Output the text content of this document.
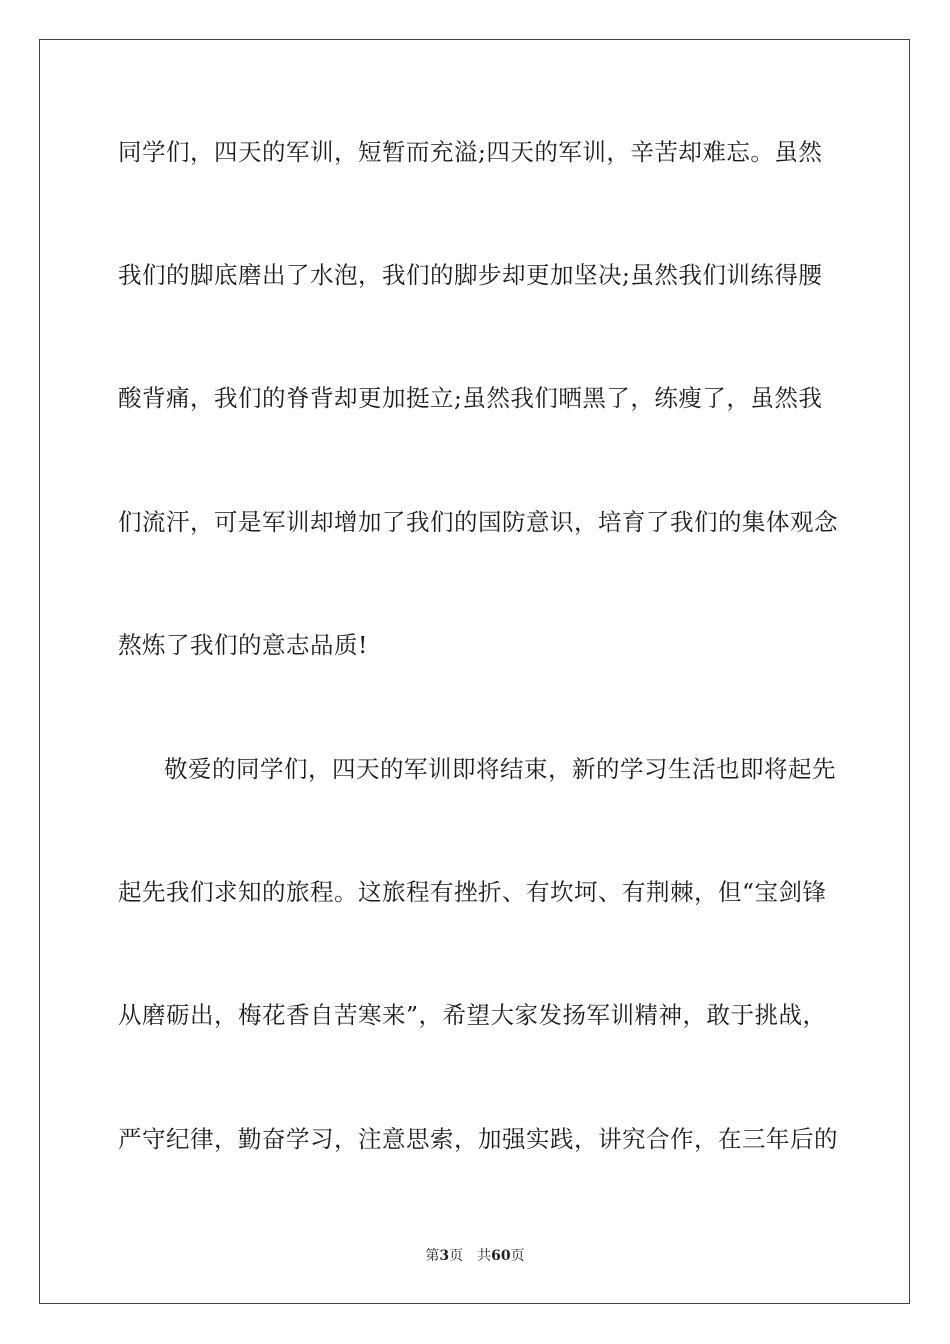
同学们，四天的军训，短暂而充溢;四天的军训，辛苦却难忘。虽然
我们的脚底磨出了水泡，我们的脚步却更加坚决;虽然我们训练得腰
酸背痛，我们的脊背却更加挺立;虽然我们晒黑了，练瘦了，虽然我
们流汗，可是军训却增加了我们的国防意识，培育了我们的集体观念
熬炼了我们的意志品质!
敬爱的同学们，四天的军训即将结束，新的学习生活也即将起先
起先我们求知的旅程。这旅程有挫折、有坎坷、有荆棘，但“宝剑锋
从磨砺出，梅花香自苦寒来”，希望大家发扬军训精神，敢于挑战，
严守纪律，勤奋学习，注意思索，加强实践，讲究合作，在三年后的
第3页 共60页
